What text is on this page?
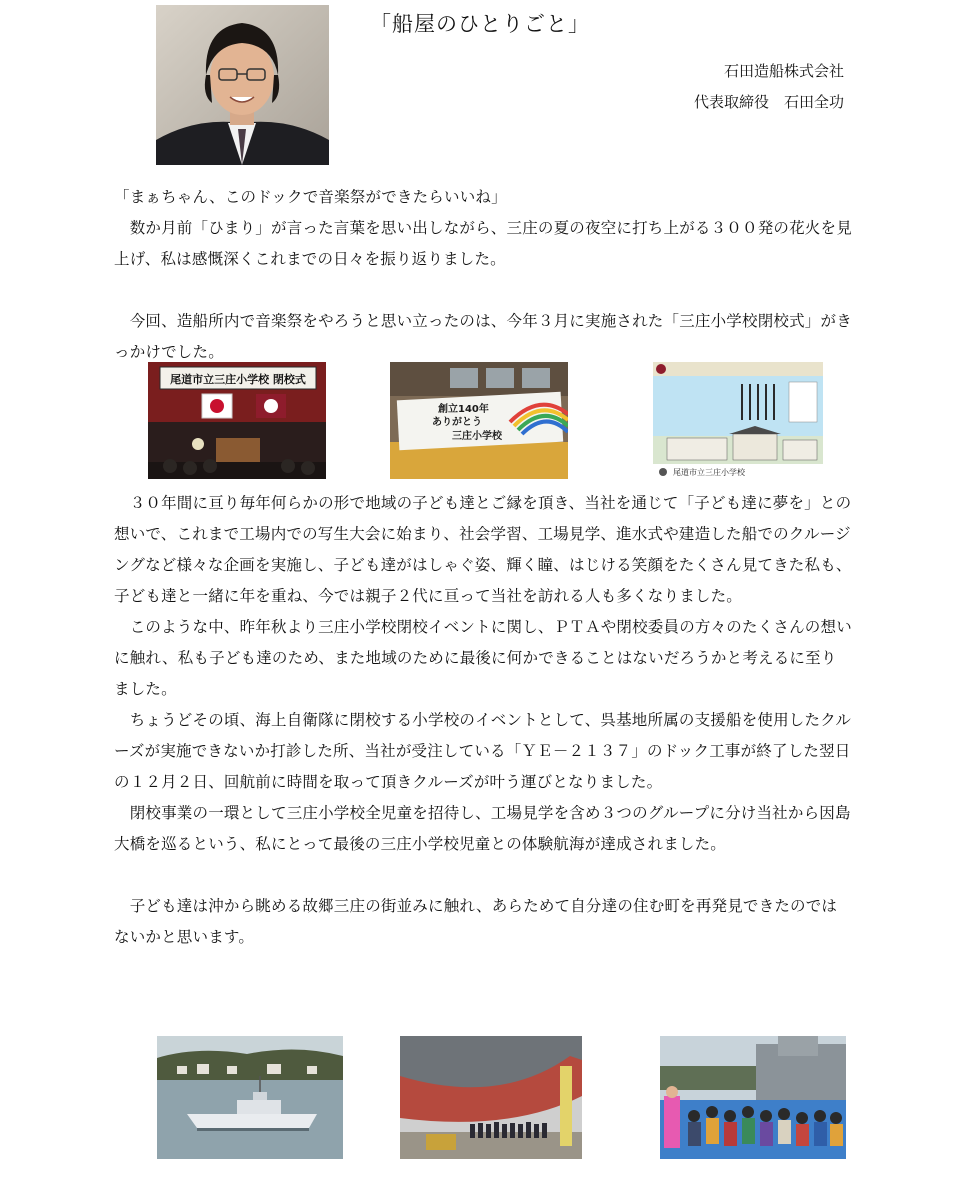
「船屋のひとりごと」
石田造船株式会社
代表取締役　石田全功

「まぁちゃん、このドックで音楽祭ができたらいいね」

　数か月前「ひまり」が言った言葉を思い出しながら、三庄の夏の夜空に打ち上がる３００発の花火を見上げ、私は感慨深くこれまでの日々を振り返りました。

　今回、造船所内で音楽祭をやろうと思い立ったのは、今年３月に実施された「三庄小学校閉校式」がきっかけでした。

尾道市立三庄小学校 閉校式
創立140年
ありがとう
三庄小学校
尾道市立三庄小学校

　３０年間に亘り毎年何らかの形で地域の子ども達とご縁を頂き、当社を通じて「子ども達に夢を」との想いで、これまで工場内での写生大会に始まり、社会学習、工場見学、進水式や建造した船でのクルージングなど様々な企画を実施し、子ども達がはしゃぐ姿、輝く瞳、はじける笑顔をたくさん見てきた私も、子ども達と一緒に年を重ね、今では親子２代に亘って当社を訪れる人も多くなりました。

　このような中、昨年秋より三庄小学校閉校イベントに関し、ＰＴＡや閉校委員の方々のたくさんの想いに触れ、私も子ども達のため、また地域のために最後に何かできることはないだろうかと考えるに至りました。

　ちょうどその頃、海上自衛隊に閉校する小学校のイベントとして、呉基地所属の支援船を使用したクルーズが実施できないか打診した所、当社が受注している「ＹＥ－２１３７」のドック工事が終了した翌日の１２月２日、回航前に時間を取って頂きクルーズが叶う運びとなりました。

　閉校事業の一環として三庄小学校全児童を招待し、工場見学を含め３つのグループに分け当社から因島大橋を巡るという、私にとって最後の三庄小学校児童との体験航海が達成されました。

　子ども達は沖から眺める故郷三庄の街並みに触れ、あらためて自分達の住む町を再発見できたのではないかと思います。
